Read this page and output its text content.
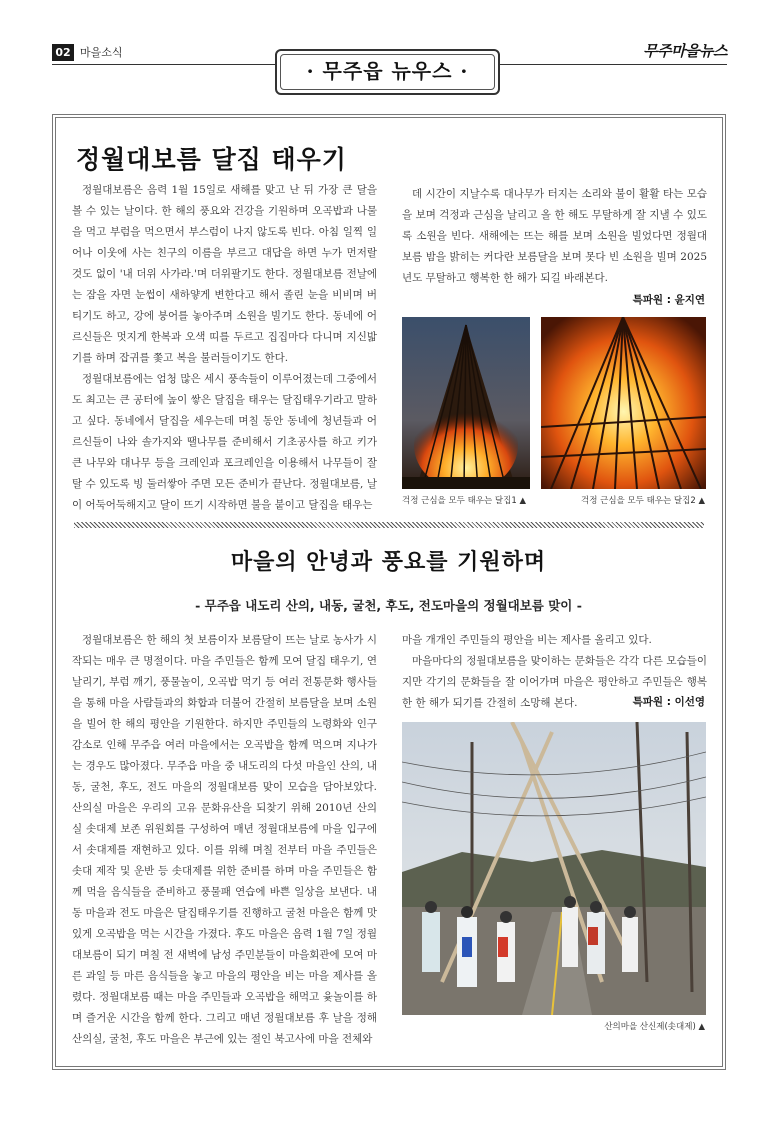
02 마을소식	무주마을뉴스
· 무주읍 뉴우스 ·
정월대보름 달집 태우기

정월대보름은 음력 1월 15일로 새해를 맞고 난 뒤 가장 큰 달을 볼 수 있는 날이다. 한 해의 풍요와 건강을 기원하며 오곡밥과 나물을 먹고 부럼을 먹으면서 부스럼이 나지 않도록 빈다. 아침 일찍 일어나 이웃에 사는 친구의 이름을 부르고 대답을 하면 누가 먼저랄 것도 없이 '내 더위 사가라.'며 더위팔기도 한다. 정월대보름 전날에는 잠을 자면 눈썹이 새하얗게 변한다고 해서 졸린 눈을 비비며 버티기도 하고, 강에 붕어를 놓아주며 소원을 빌기도 한다. 동네에 어르신들은 멋지게 한복과 오색 띠를 두르고 집집마다 다니며 지신밟기를 하며 잡귀를 쫓고 복을 불러들이기도 한다.

정월대보름에는 엄청 많은 세시 풍속들이 이루어졌는데 그중에서도 최고는 큰 공터에 높이 쌓은 달집을 태우는 달집태우기라고 말하고 싶다. 동네에서 달집을 세우는데 며칠 동안 동네에 청년들과 어르신들이 나와 솔가지와 땔나무를 준비해서 기초공사를 하고 키가 큰 나무와 대나무 등을 크레인과 포크레인을 이용해서 나무들이 잘 탈 수 있도록 빙 둘러쌓아 주면 모든 준비가 끝난다. 정월대보름, 날이 어둑어둑해지고 달이 뜨기 시작하면 불을 붙이고 달집을 태우는

데 시간이 지날수록 대나무가 터지는 소리와 불이 활활 타는 모습을 보며 걱정과 근심을 날리고 올 한 해도 무탈하게 잘 지낼 수 있도록 소원을 빈다. 새해에는 뜨는 해를 보며 소원을 빌었다면 정월대보름 밤을 밝히는 커다란 보름달을 보며 못다 빈 소원을 빌며 2025년도 무탈하고 행복한 한 해가 되길 바래본다.

특파원 : 윤지연
걱정 근심을 모두 태우는 달집1 ▲	걱정 근심을 모두 태우는 달집2 ▲
마을의 안녕과 풍요를 기원하며
- 무주읍 내도리 산의, 내동, 굴천, 후도, 전도마을의 정월대보름 맞이 -

정월대보름은 한 해의 첫 보름이자 보름달이 뜨는 날로 농사가 시작되는 매우 큰 명절이다. 마을 주민들은 함께 모여 달집 태우기, 연날리기, 부럼 깨기, 풍물놀이, 오곡밥 먹기 등 여러 전통문화 행사들을 통해 마을 사람들과의 화합과 더불어 간절히 보름달을 보며 소원을 빌어 한 해의 평안을 기원한다. 하지만 주민들의 노령화와 인구 감소로 인해 무주읍 여러 마을에서는 오곡밥을 함께 먹으며 지나가는 경우도 많아졌다. 무주읍 마을 중 내도리의 다섯 마을인 산의, 내동, 굴천, 후도, 전도 마을의 정월대보름 맞이 모습을 담아보았다. 산의실 마을은 우리의 고유 문화유산을 되찾기 위해 2010년 산의실 솟대제 보존 위원회를 구성하여 매년 정월대보름에 마을 입구에서 솟대제를 재현하고 있다. 이를 위해 며칠 전부터 마을 주민들은 솟대 제작 및 운반 등 솟대제를 위한 준비를 하며 마을 주민들은 함께 먹을 음식들을 준비하고 풍물패 연습에 바쁜 일상을 보낸다. 내동 마을과 전도 마을은 달집태우기를 진행하고 굴천 마을은 함께 맛있게 오곡밥을 먹는 시간을 가졌다. 후도 마을은 음력 1월 7일 정월대보름이 되기 며칠 전 새벽에 남성 주민분들이 마을회관에 모여 마른 과일 등 마른 음식들을 놓고 마을의 평안을 비는 마을 제사를 올렸다. 정월대보름 때는 마을 주민들과 오곡밥을 해먹고 윷놀이를 하며 즐거운 시간을 함께 한다. 그리고 매년 정월대보름 후 날을 정해 산의실, 굴천, 후도 마을은 부근에 있는 절인 북고사에 마을 전체와

마을 개개인 주민들의 평안을 비는 제사를 올리고 있다.

마을마다의 정월대보름을 맞이하는 문화들은 각각 다른 모습들이지만 각기의 문화들을 잘 이어가며 마을은 평안하고 주민들은 행복한 한 해가 되기를 간절히 소망해 본다.	특파원 : 이선영
산의마을 산신제(솟대제) ▲
